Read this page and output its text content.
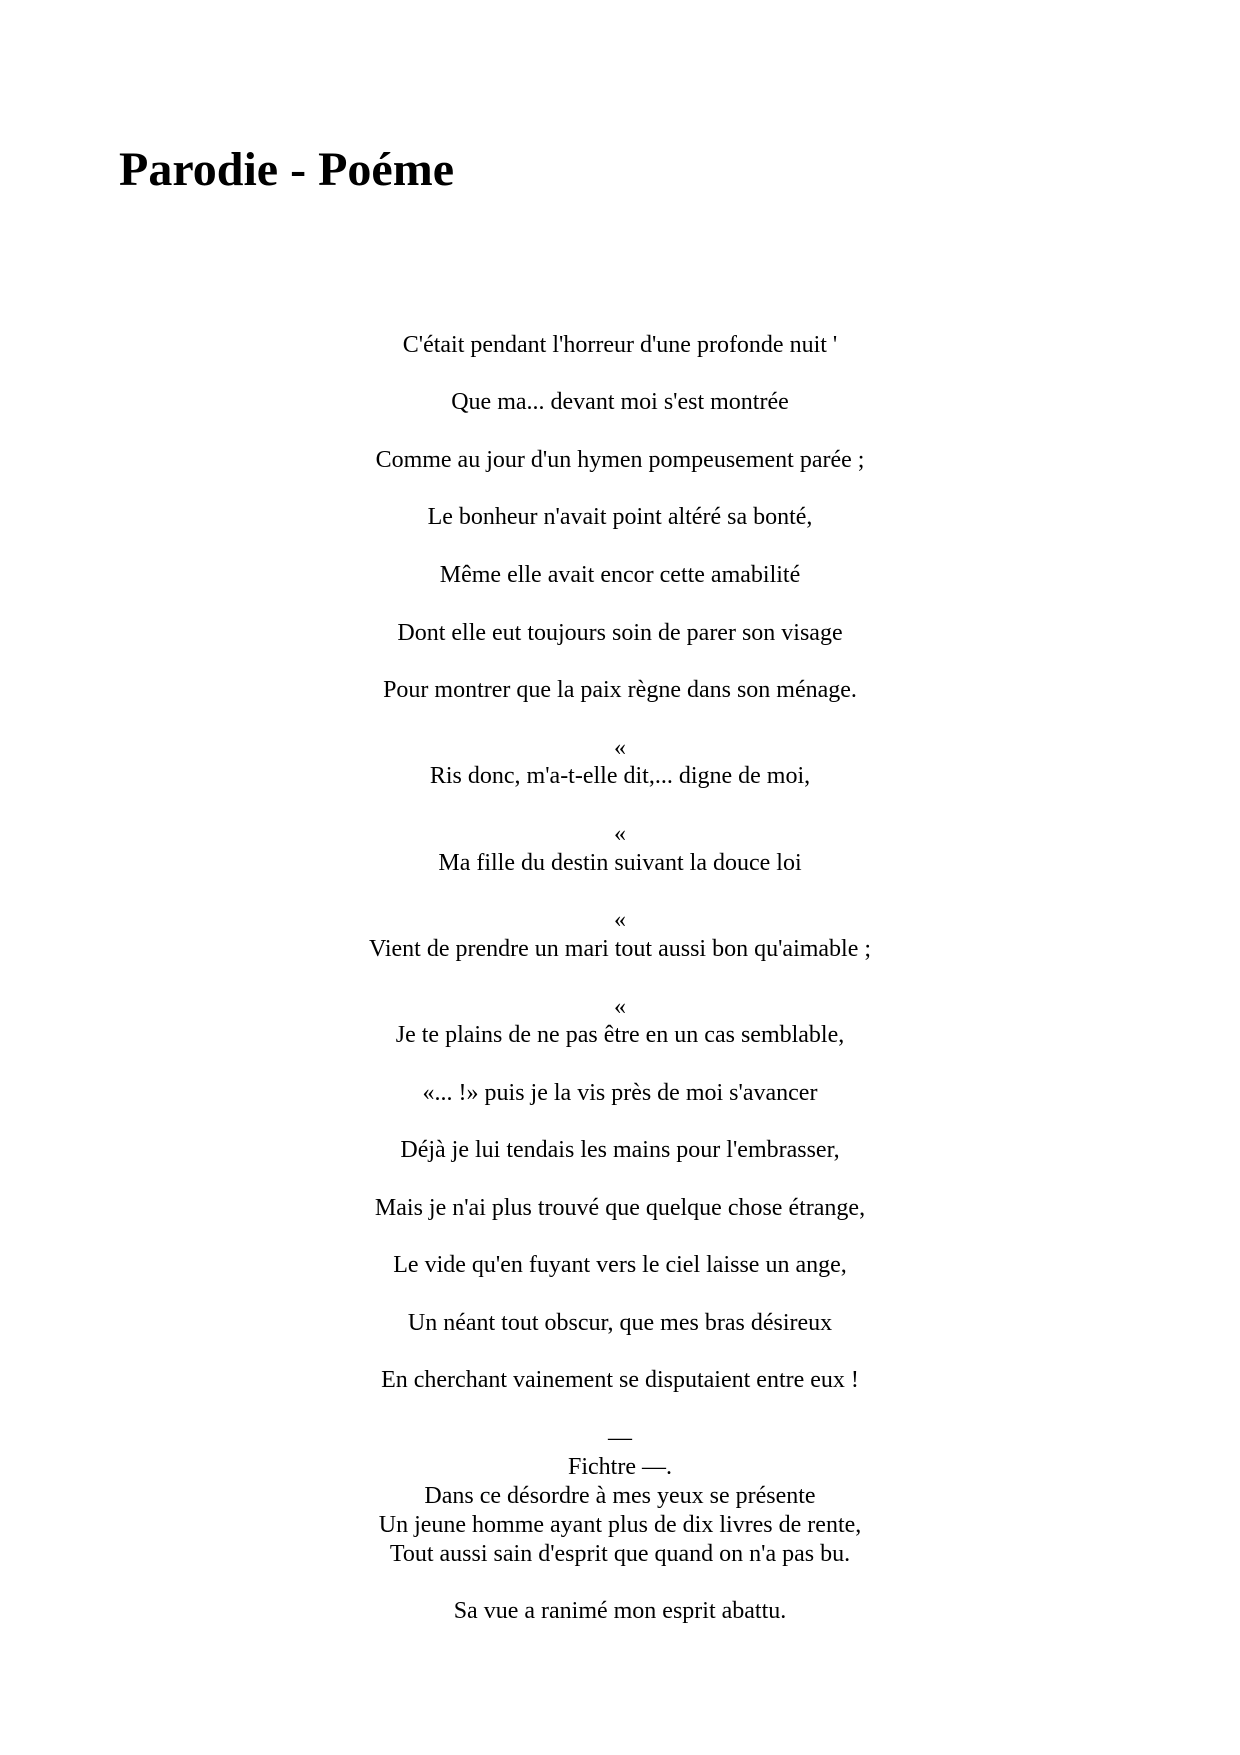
Parodie - Poéme

C'était pendant l'horreur d'une profonde nuit '

Que ma... devant moi s'est montrée

Comme au jour d'un hymen pompeusement parée ;

Le bonheur n'avait point altéré sa bonté,

Même elle avait encor cette amabilité

Dont elle eut toujours soin de parer son visage

Pour montrer que la paix règne dans son ménage.

«

Ris donc, m'a-t-elle dit,... digne de moi,

«

Ma fille du destin suivant la douce loi

«

Vient de prendre un mari tout aussi bon qu'aimable ;

«

Je te plains de ne pas être en un cas semblable,

«... !» puis je la vis près de moi s'avancer

Déjà je lui tendais les mains pour l'embrasser,

Mais je n'ai plus trouvé que quelque chose étrange,

Le vide qu'en fuyant vers le ciel laisse un ange,

Un néant tout obscur, que mes bras désireux

En cherchant vainement se disputaient entre eux !

—

Fichtre —.

Dans ce désordre à mes yeux se présente

Un jeune homme ayant plus de dix livres de rente,

Tout aussi sain d'esprit que quand on n'a pas bu.

Sa vue a ranimé mon esprit abattu.
